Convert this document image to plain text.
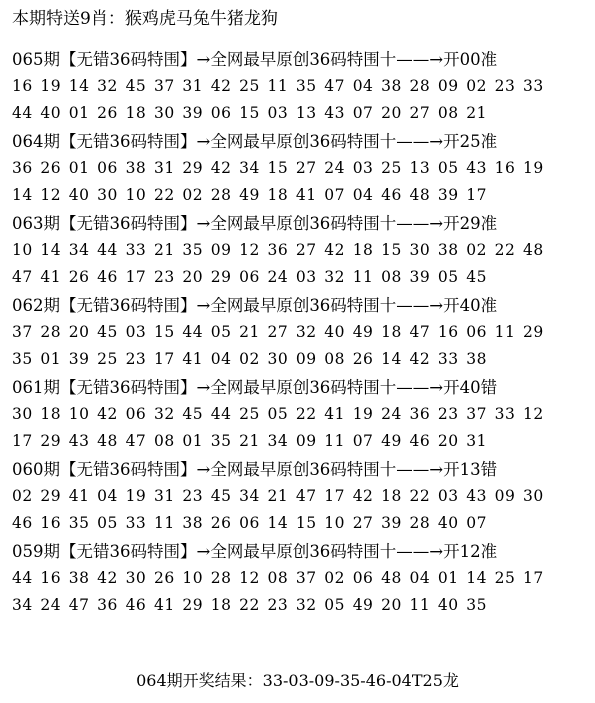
本期特送9肖：猴鸡虎马兔牛猪龙狗
065期【无错36码特围】→全网最早原创36码特围十——→开00准
16 19 14 32 45 37 31 42 25 11 35 47 04 38 28 09 02 23 33
44 40 01 26 18 30 39 06 15 03 13 43 07 20 27 08 21
064期【无错36码特围】→全网最早原创36码特围十——→开25准
36 26 01 06 38 31 29 42 34 15 27 24 03 25 13 05 43 16 19
14 12 40 30 10 22 02 28 49 18 41 07 04 46 48 39 17
063期【无错36码特围】→全网最早原创36码特围十——→开29准
10 14 34 44 33 21 35 09 12 36 27 42 18 15 30 38 02 22 48
47 41 26 46 17 23 20 29 06 24 03 32 11 08 39 05 45
062期【无错36码特围】→全网最早原创36码特围十——→开40准
37 28 20 45 03 15 44 05 21 27 32 40 49 18 47 16 06 11 29
35 01 39 25 23 17 41 04 02 30 09 08 26 14 42 33 38
061期【无错36码特围】→全网最早原创36码特围十——→开40错
30 18 10 42 06 32 45 44 25 05 22 41 19 24 36 23 37 33 12
17 29 43 48 47 08 01 35 21 34 09 11 07 49 46 20 31
060期【无错36码特围】→全网最早原创36码特围十——→开13错
02 29 41 04 19 31 23 45 34 21 47 17 42 18 22 03 43 09 30
46 16 35 05 33 11 38 26 06 14 15 10 27 39 28 40 07
059期【无错36码特围】→全网最早原创36码特围十——→开12准
44 16 38 42 30 26 10 28 12 08 37 02 06 48 04 01 14 25 17
34 24 47 36 46 41 29 18 22 23 32 05 49 20 11 40 35
064期开奖结果：33-03-09-35-46-04T25龙
